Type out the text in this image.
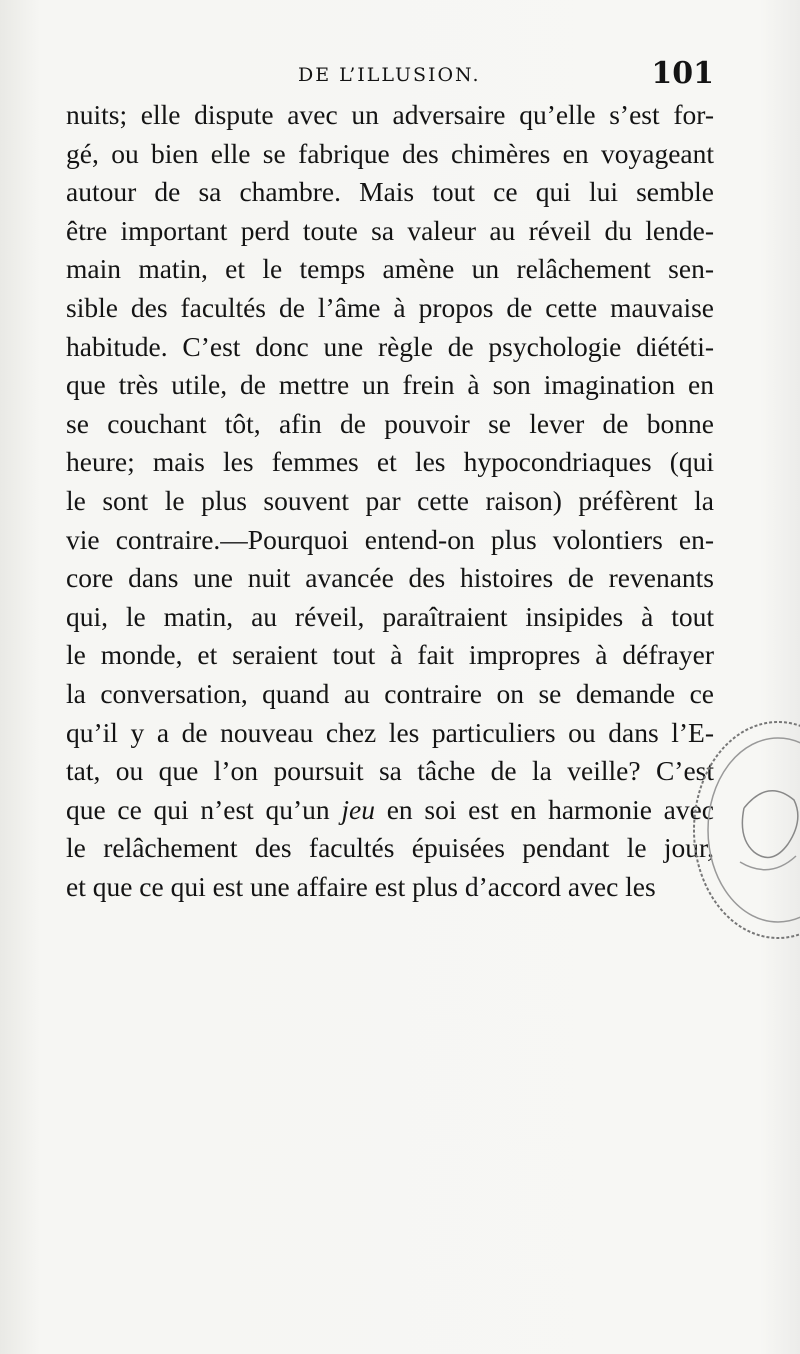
DE L’ILLUSION.	101
nuits; elle dispute avec un adversaire qu’elle s’est for-
gé, ou bien elle se fabrique des chimères en voyageant
autour de sa chambre. Mais tout ce qui lui semble
être important perd toute sa valeur au réveil du lende-
main matin, et le temps amène un relâchement sen-
sible des facultés de l’âme à propos de cette mauvaise
habitude. C’est donc une règle de psychologie diététi-
que très utile, de mettre un frein à son imagination en
se couchant tôt, afin de pouvoir se lever de bonne
heure; mais les femmes et les hypocondriaques (qui
le sont le plus souvent par cette raison) préfèrent la
vie contraire.—Pourquoi entend-on plus volontiers en-
core dans une nuit avancée des histoires de revenants
qui, le matin, au réveil, paraîtraient insipides à tout
le monde, et seraient tout à fait impropres à défrayer
la conversation, quand au contraire on se demande ce
qu’il y a de nouveau chez les particuliers ou dans l’E-
tat, ou que l’on poursuit sa tâche de la veille? C’est
que ce qui n’est qu’un jeu en soi est en harmonie avec
le relâchement des facultés épuisées pendant le jour,
et que ce qui est une affaire est plus d’accord avec les
